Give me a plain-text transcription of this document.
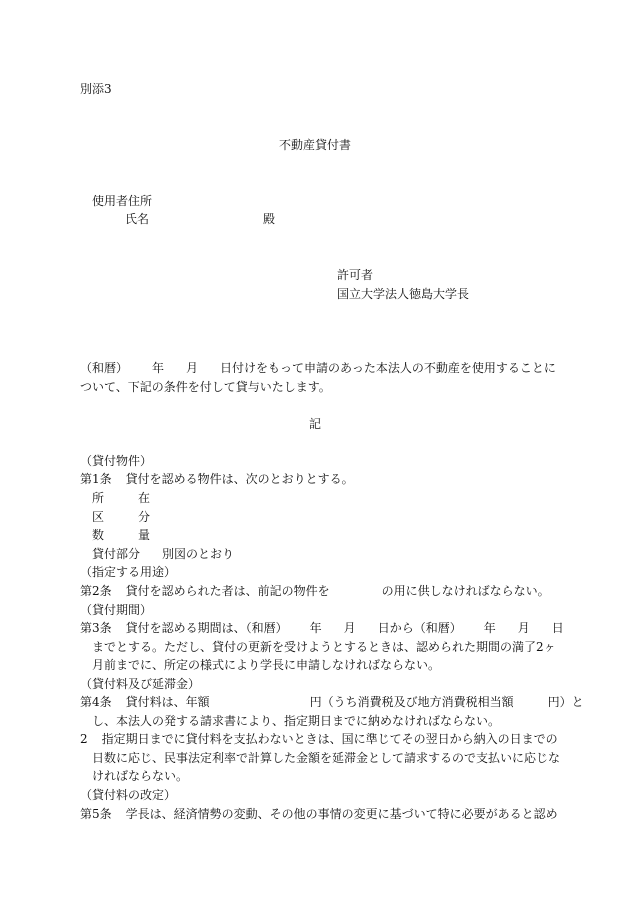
別添3
不動産貸付書
使用者住所
氏名	殿
許可者
国立大学法人徳島大学長
（和暦） 年 月 日付けをもって申請のあった本法人の不動産を使用することに
ついて、下記の条件を付して貸与いたします。
記
（貸付物件）
第1条 貸付を認める物件は、次のとおりとする。
所	在
区	分
数	量
貸付部分 別図のとおり
（指定する用途）
第2条 貸付を認められた者は、前記の物件を	の用に供しなければならない。
（貸付期間）
第3条 貸付を認める期間は、（和暦） 年 月 日から（和暦） 年 月 日
までとする。ただし、貸付の更新を受けようとするときは、認められた期間の満了2ヶ
月前までに、所定の様式により学長に申請しなければならない。
（貸付料及び延滞金）
第4条 貸付料は、年額	円（うち消費税及び地方消費税相当額	円）と
し、本法人の発する請求書により、指定期日までに納めなければならない。
2 指定期日までに貸付料を支払わないときは、国に準じてその翌日から納入の日までの
日数に応じ、民事法定利率で計算した金額を延滞金として請求するので支払いに応じな
ければならない。
（貸付料の改定）
第5条 学長は、経済情勢の変動、その他の事情の変更に基づいて特に必要があると認め
